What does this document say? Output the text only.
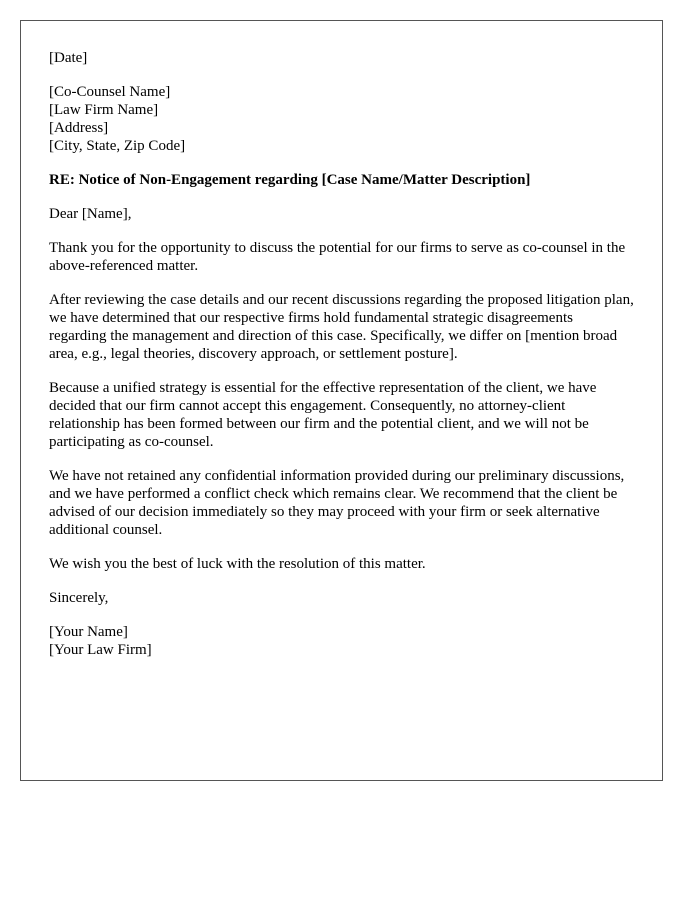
[Date]

[Co-Counsel Name]
[Law Firm Name]
[Address]
[City, State, Zip Code]

RE: Notice of Non-Engagement regarding [Case Name/Matter Description]

Dear [Name],

Thank you for the opportunity to discuss the potential for our firms to serve as co-counsel in the above-referenced matter.

After reviewing the case details and our recent discussions regarding the proposed litigation plan, we have determined that our respective firms hold fundamental strategic disagreements regarding the management and direction of this case. Specifically, we differ on [mention broad area, e.g., legal theories, discovery approach, or settlement posture].

Because a unified strategy is essential for the effective representation of the client, we have decided that our firm cannot accept this engagement. Consequently, no attorney-client relationship has been formed between our firm and the potential client, and we will not be participating as co-counsel.

We have not retained any confidential information provided during our preliminary discussions, and we have performed a conflict check which remains clear. We recommend that the client be advised of our decision immediately so they may proceed with your firm or seek alternative additional counsel.

We wish you the best of luck with the resolution of this matter.

Sincerely,

[Your Name]
[Your Law Firm]
